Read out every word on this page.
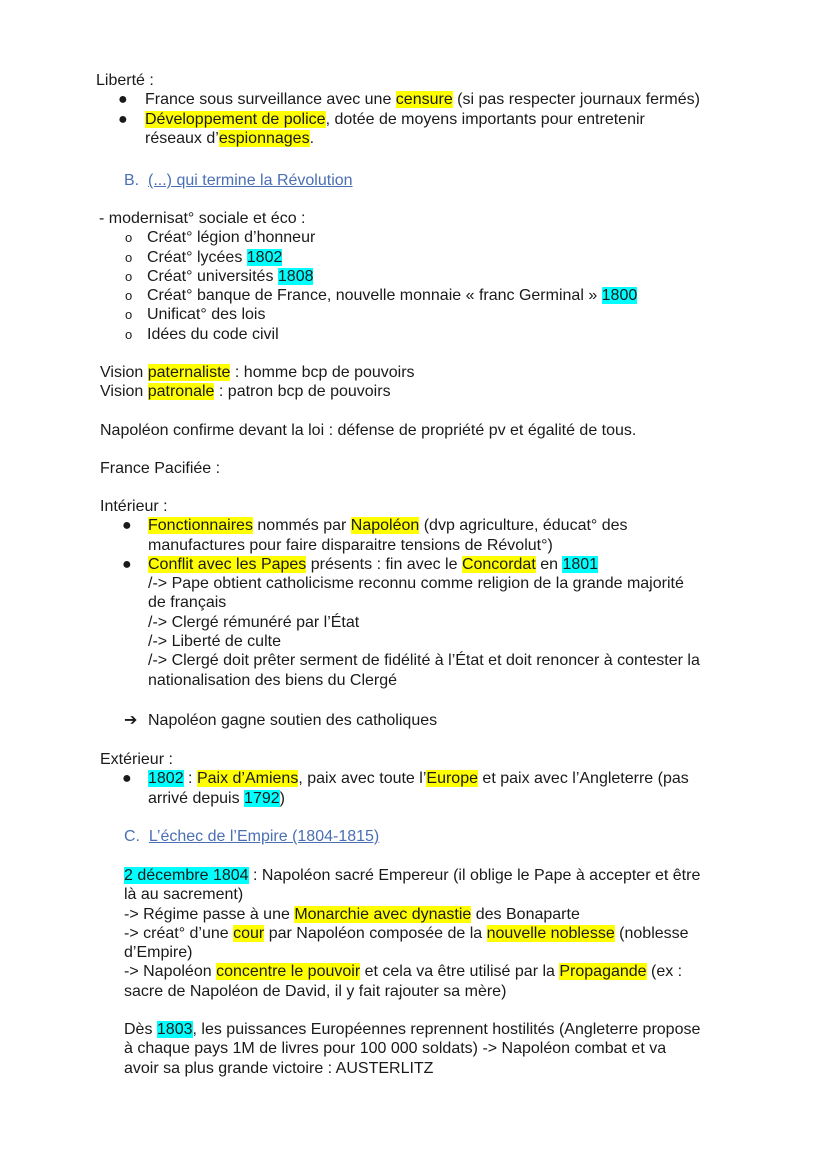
Liberté :
● France sous surveillance avec une censure (si pas respecter journaux fermés)
● Développement de police, dotée de moyens importants pour entretenir
réseaux d’espionnages.
B. (...) qui termine la Révolution
- modernisat° sociale et éco :
o Créat° légion d’honneur
o Créat° lycées 1802
o Créat° universités 1808
o Créat° banque de France, nouvelle monnaie « franc Germinal » 1800
o Unificat° des lois
o Idées du code civil
Vision paternaliste : homme bcp de pouvoirs
Vision patronale : patron bcp de pouvoirs
Napoléon confirme devant la loi : défense de propriété pv et égalité de tous.
France Pacifiée :
Intérieur :
● Fonctionnaires nommés par Napoléon (dvp agriculture, éducat° des
manufactures pour faire disparaitre tensions de Révolut°)
● Conflit avec les Papes présents : fin avec le Concordat en 1801
/-> Pape obtient catholicisme reconnu comme religion de la grande majorité
de français
/-> Clergé rémunéré par l’État
/-> Liberté de culte
/-> Clergé doit prêter serment de fidélité à l’État et doit renoncer à contester la
nationalisation des biens du Clergé
➔ Napoléon gagne soutien des catholiques
Extérieur :
● 1802 : Paix d’Amiens, paix avec toute l’Europe et paix avec l’Angleterre (pas
arrivé depuis 1792)
C. L’échec de l’Empire (1804-1815)
2 décembre 1804 : Napoléon sacré Empereur (il oblige le Pape à accepter et être
là au sacrement)
-> Régime passe à une Monarchie avec dynastie des Bonaparte
-> créat° d’une cour par Napoléon composée de la nouvelle noblesse (noblesse
d’Empire)
-> Napoléon concentre le pouvoir et cela va être utilisé par la Propagande (ex :
sacre de Napoléon de David, il y fait rajouter sa mère)
Dès 1803, les puissances Européennes reprennent hostilités (Angleterre propose
à chaque pays 1M de livres pour 100 000 soldats) -> Napoléon combat et va
avoir sa plus grande victoire : AUSTERLITZ
